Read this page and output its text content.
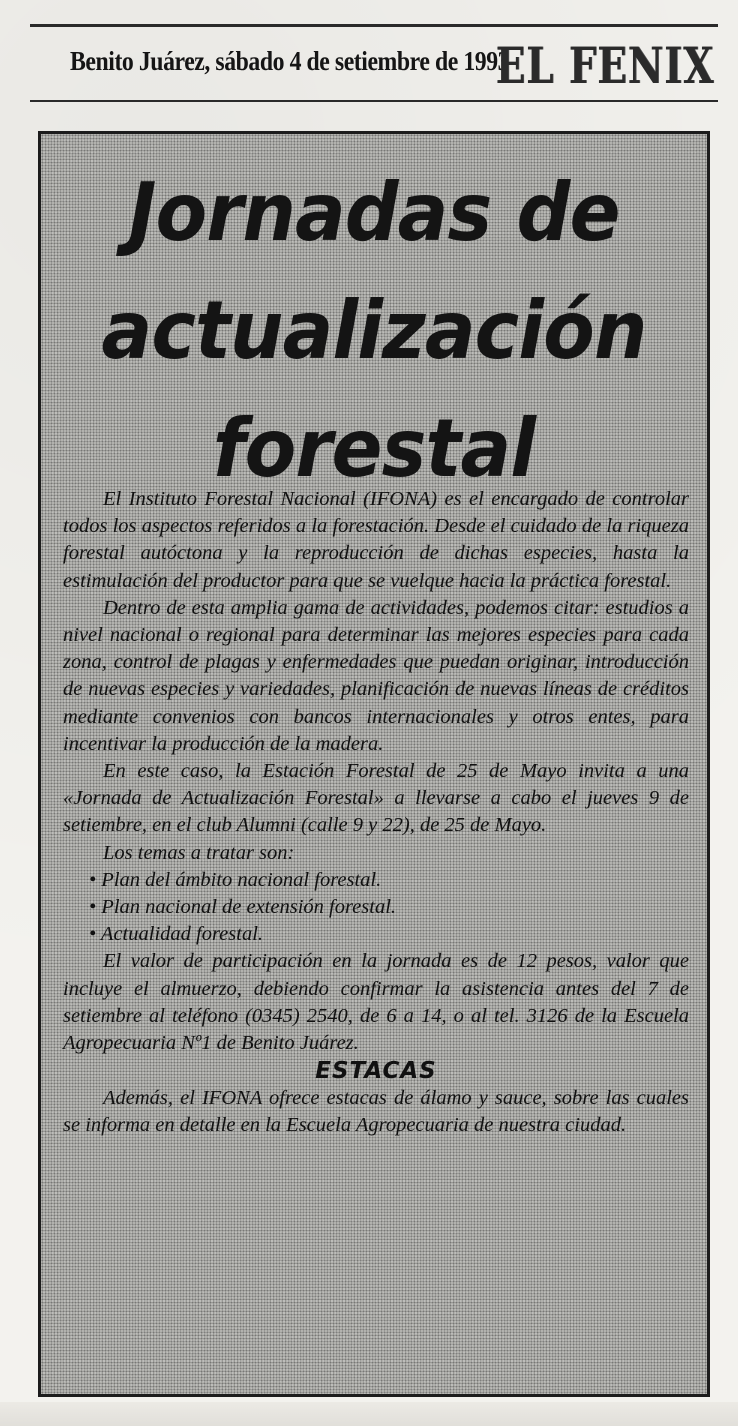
Benito Juárez, sábado 4 de setiembre de 1993
EL FENIX
Jornadas de
actualización
forestal

El Instituto Forestal Nacional (IFONA) es el encargado de controlar todos los aspectos referidos a la forestación. Desde el cuidado de la riqueza forestal autóctona y la reproducción de dichas especies, hasta la estimulación del productor para que se vuelque hacia la práctica forestal.

Dentro de esta amplia gama de actividades, podemos citar: estudios a nivel nacional o regional para determinar las mejores especies para cada zona, control de plagas y enfermedades que puedan originar, introducción de nuevas especies y variedades, planificación de nuevas líneas de créditos mediante convenios con bancos internacionales y otros entes, para incentivar la producción de la madera.

En este caso, la Estación Forestal de 25 de Mayo invita a una «Jornada de Actualización Forestal» a llevarse a cabo el jueves 9 de setiembre, en el club Alumni (calle 9 y 22), de 25 de Mayo.

Los temas a tratar son:

• Plan del ámbito nacional forestal.

• Plan nacional de extensión forestal.

• Actualidad forestal.

El valor de participación en la jornada es de 12 pesos, valor que incluye el almuerzo, debiendo confirmar la asistencia antes del 7 de setiembre al teléfono (0345) 2540, de 6 a 14, o al tel. 3126 de la Escuela Agropecuaria Nº1 de Benito Juárez.

ESTACAS

Además, el IFONA ofrece estacas de álamo y sauce, sobre las cuales se informa en detalle en la Escuela Agropecuaria de nuestra ciudad.
